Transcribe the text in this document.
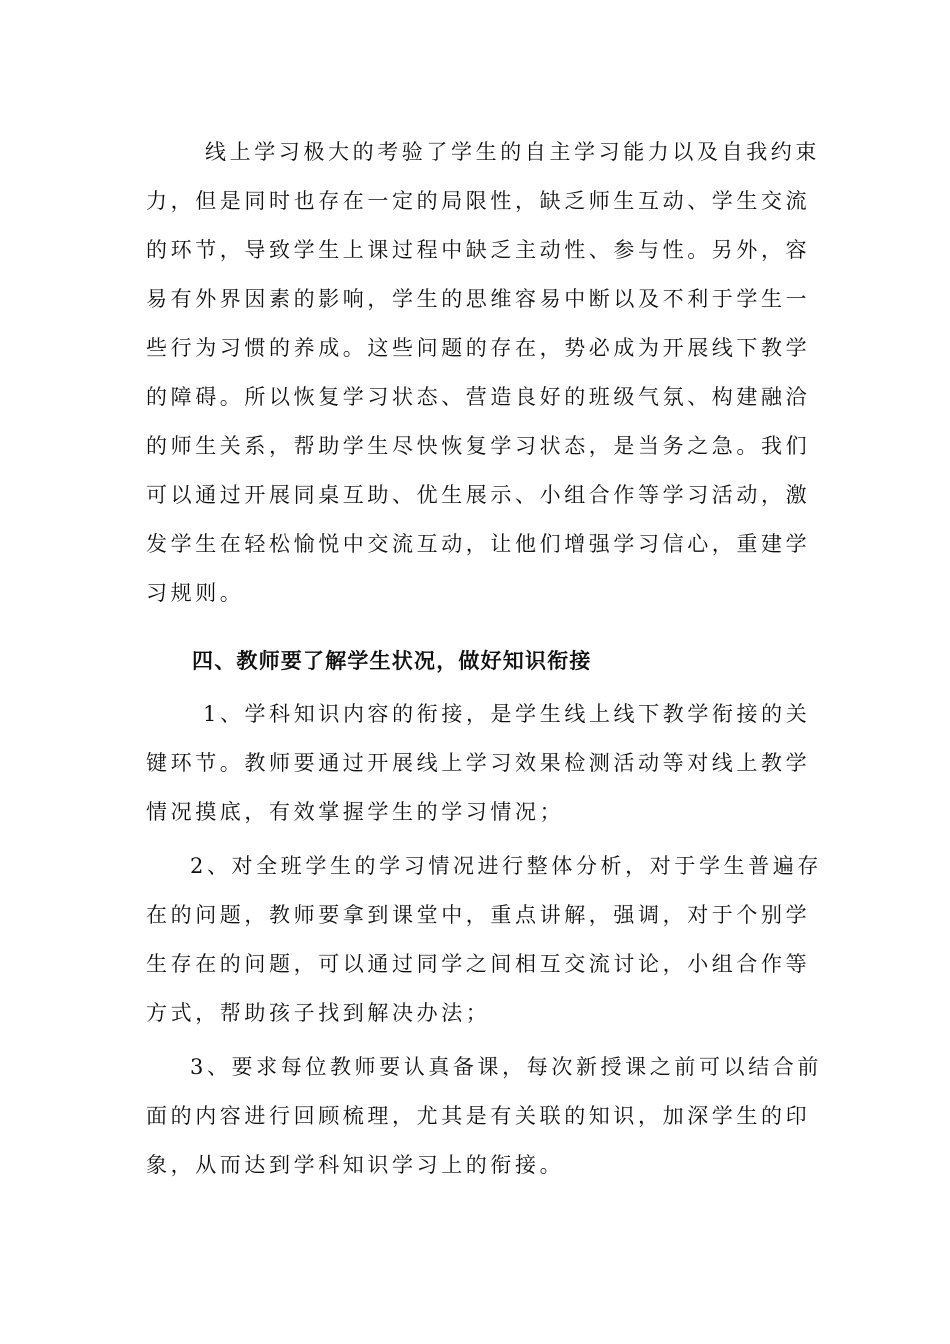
线上学习极大的考验了学生的自主学习能力以及自我约束
力，但是同时也存在一定的局限性，缺乏师生互动、学生交流
的环节，导致学生上课过程中缺乏主动性、参与性。另外，容
易有外界因素的影响，学生的思维容易中断以及不利于学生一
些行为习惯的养成。这些问题的存在，势必成为开展线下教学
的障碍。所以恢复学习状态、营造良好的班级气氛、构建融洽
的师生关系，帮助学生尽快恢复学习状态，是当务之急。我们
可以通过开展同桌互助、优生展示、小组合作等学习活动，激
发学生在轻松愉悦中交流互动，让他们增强学习信心，重建学
习规则。
四、教师要了解学生状况，做好知识衔接
1、学科知识内容的衔接，是学生线上线下教学衔接的关
键环节。教师要通过开展线上学习效果检测活动等对线上教学
情况摸底，有效掌握学生的学习情况；
2、对全班学生的学习情况进行整体分析，对于学生普遍存
在的问题，教师要拿到课堂中，重点讲解，强调，对于个别学
生存在的问题，可以通过同学之间相互交流讨论，小组合作等
方式，帮助孩子找到解决办法；
3、要求每位教师要认真备课，每次新授课之前可以结合前
面的内容进行回顾梳理，尤其是有关联的知识，加深学生的印
象，从而达到学科知识学习上的衔接。
